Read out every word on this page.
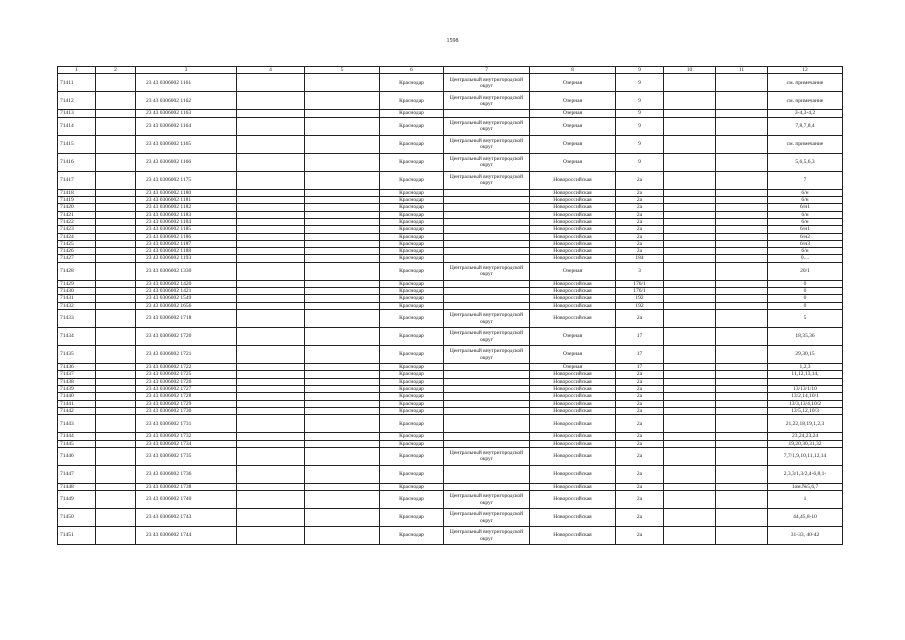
1598
1	2	3	4	5	6	7	8	9	10	11	12
71411		23 43 0306002 1161			Краснодар	Центральный внутригородской округ	Озерная	9			см. примечание
71412		23 43 0306002 1162			Краснодар	Центральный внутригородской округ	Озерная	9			см. примечание
71413		23 43 0306002 1163			Краснодар		Озерная	9			3-4,3-4,2
71414		23 43 0306002 1164			Краснодар	Центральный внутригородской округ	Озерная	9			7,8,7,8,4
71415		23 43 0306002 1165			Краснодар	Центральный внутригородской округ	Озерная	9			см. примечание
71416		23 43 0306002 1166			Краснодар	Центральный внутригородской округ	Озерная	9			5,6,5,6,3
71417		23 43 0306002 1175			Краснодар	Центральный внутригородской округ	Новороссийская	2а			7
71418		23 43 0306002 1180			Краснодар		Новороссийская	2а			6/н
71419		23 43 0306002 1181			Краснодар		Новороссийская	2а			6/н
71420		23 43 0306002 1182			Краснодар		Новороссийская	2а			6/н1
71421		23 43 0306002 1183			Краснодар		Новороссийская	2а			6/н
71422		23 43 0306002 1184			Краснодар		Новороссийская	2а			6/н
71423		23 43 0306002 1185			Краснодар		Новороссийская	2а			6/н1
71424		23 43 0306002 1186			Краснодар		Новороссийская	2а			6/н2
71425		23 43 0306002 1187			Краснодар		Новороссийская	2а			6/н3
71426		23 43 0306002 1188			Краснодар		Новороссийская	2а			6/н
71427		23 43 0306002 1193			Краснодар		Новороссийская	184			0....
71428		23 43 0306002 1330			Краснодар	Центральный внутригородской округ	Озерная	3			20/1
71429		23 43 0306002 1420			Краснодар		Новороссийская	176/1			0
71430		23 43 0306002 1421			Краснодар		Новороссийская	176/1			0
71431		23 43 0306002 1549			Краснодар		Новороссийская	192			0
71432		23 43 0306002 1656			Краснодар		Новороссийская	192			0
71433		23 43 0306002 1718			Краснодар	Центральный внутригородской округ	Новороссийская	2а			5
71434		23 43 0306002 1720			Краснодар	Центральный внутригородской округ	Озерная	17			18,35,36
71435		23 43 0306002 1721			Краснодар	Центральный внутригородской округ	Озерная	17			29,30,15
71436		23 43 0306002 1722			Краснодар		Озерная	17			1,2,3
71437		23 43 0306002 1725			Краснодар		Новороссийская	2а			11,12,13,14,
71438		23 43 0306002 1726			Краснодар		Новороссийская	2а			
71439		23 43 0306002 1727			Краснодар		Новороссийская	2а			13/13/1/10
71440		23 43 0306002 1728			Краснодар		Новороссийская	2а			13/2,14,10/1
71441		23 43 0306002 1729			Краснодар		Новороссийская	2а			13/3,13/4,10/2
71442		23 43 0306002 1730			Краснодар		Новороссийская	2а			13/5,12,10/3
71443		23 43 0306002 1731			Краснодар		Новороссийская	2а			21,22,18,19,1,2,3
71444		23 43 0306002 1732			Краснодар		Новороссийская	2а			23,24,23,24
71445		23 43 0306002 1734			Краснодар		Новороссийская	2а			19,20,30,31,32
71446		23 43 0306002 1735			Краснодар	Центральный внутригородской округ	Новороссийская	2а			7,7/1,9,10,11,12,14
71447		23 43 0306002 1736			Краснодар		Новороссийская	2а			2,3,3/1,3/2,4-6,8,1-
71448		23 43 0306002 1738			Краснодар		Новороссийская	2а			1ом.№5,6,7
71449		23 43 0306002 1740			Краснодар	Центральный внутригородской округ	Новороссийская	2а			1
71450		23 43 0306002 1743			Краснодар	Центральный внутригородской округ	Новороссийская	2а			44,45,8-10
71451		23 43 0306002 1744			Краснодар	Центральный внутригородской округ	Новороссийская	2а			31-33, 40-42
